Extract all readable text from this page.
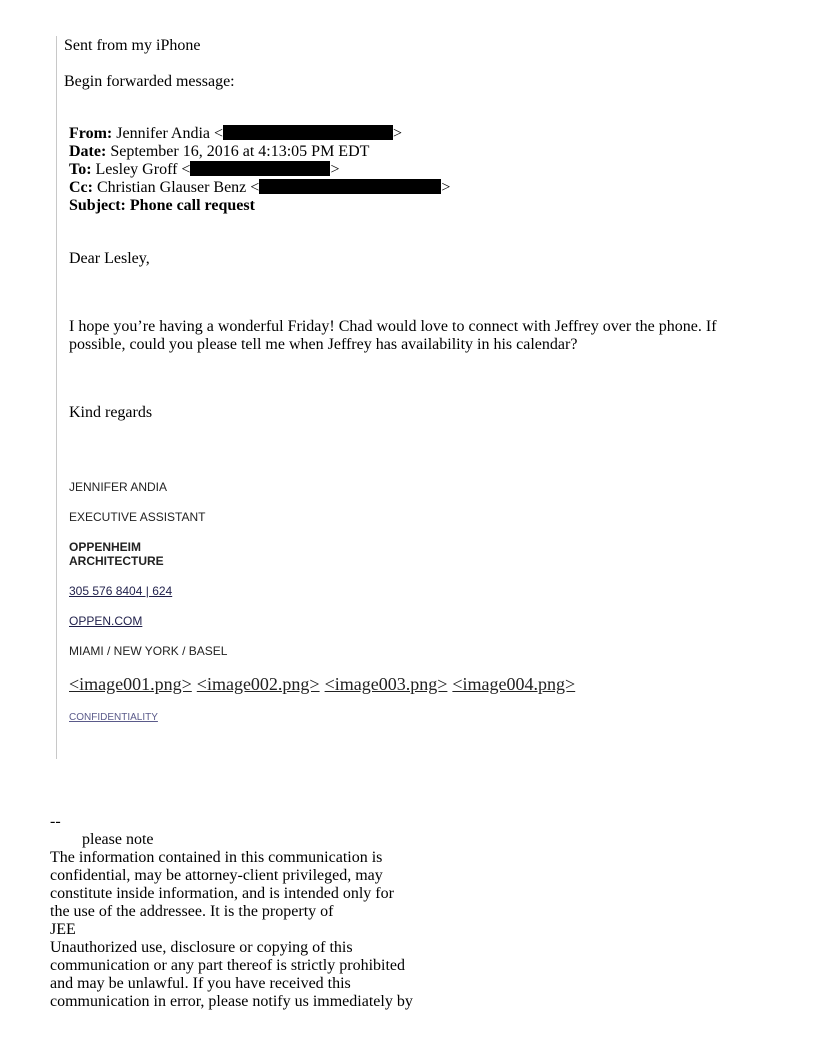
Sent from my iPhone
Begin forwarded message:
From: Jennifer Andia <	>
Date: September 16, 2016 at 4:13:05 PM EDT
To: Lesley Groff <	>
Cc: Christian Glauser Benz <	>
Subject: Phone call request
Dear Lesley,
I hope you’re having a wonderful Friday! Chad would love to connect with Jeffrey over the phone. If
possible, could you please tell me when Jeffrey has availability in his calendar?
Kind regards
JENNIFER ANDIA
EXECUTIVE ASSISTANT
OPPENHEIM
ARCHITECTURE
305 576 8404 | 624
OPPEN.COM
MIAMI / NEW YORK / BASEL
<image001.png> <image002.png> <image003.png> <image004.png>
CONFIDENTIALITY
--
please note
The information contained in this communication is
confidential, may be attorney-client privileged, may
constitute inside information, and is intended only for
the use of the addressee. It is the property of
JEE
Unauthorized use, disclosure or copying of this
communication or any part thereof is strictly prohibited
and may be unlawful. If you have received this
communication in error, please notify us immediately by
